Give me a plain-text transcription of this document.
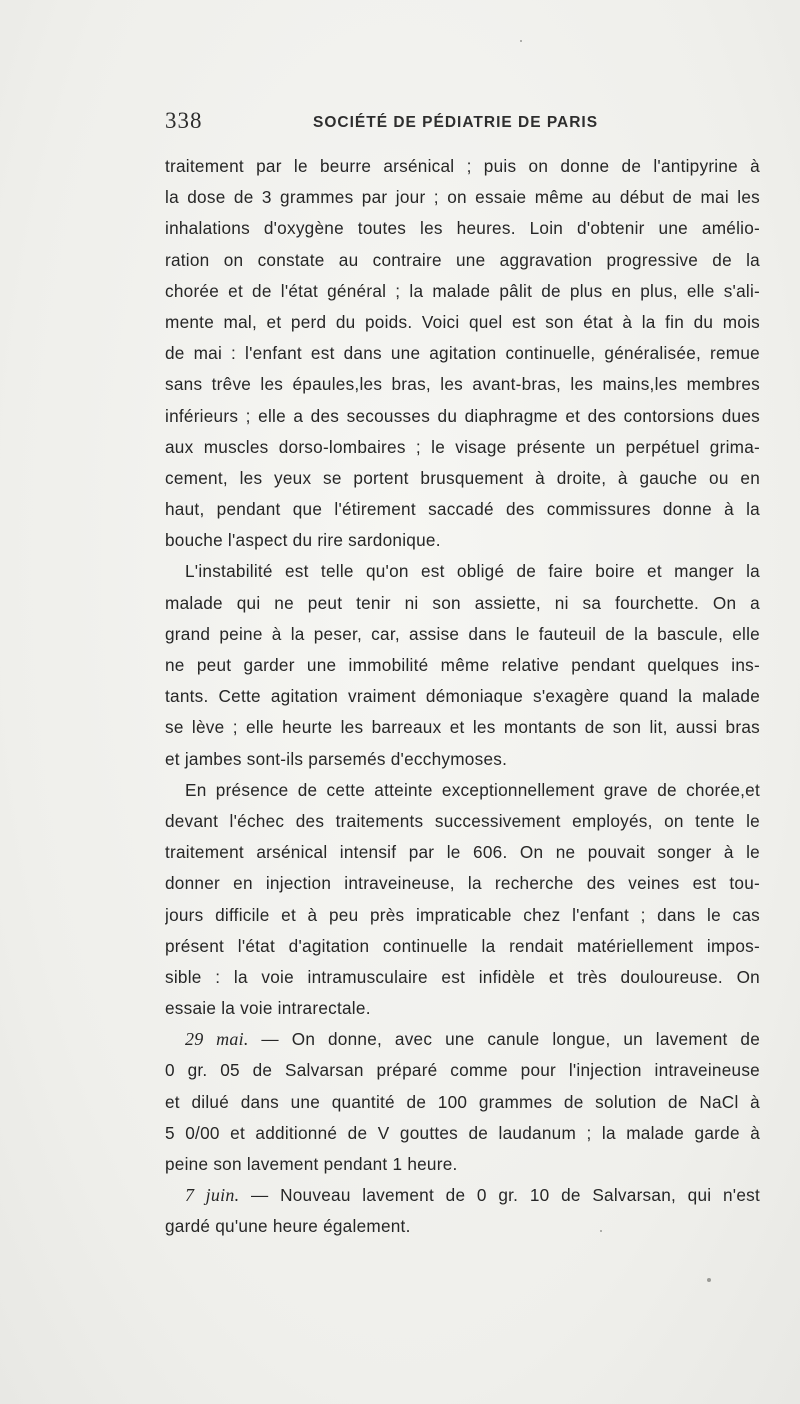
338	SOCIÉTÉ DE PÉDIATRIE DE PARIS
traitement par le beurre arsénical ; puis on donne de l'antipyrine à
la dose de 3 grammes par jour ; on essaie même au début de mai les
inhalations d'oxygène toutes les heures. Loin d'obtenir une amélio-
ration on constate au contraire une aggravation progressive de la
chorée et de l'état général ; la malade pâlit de plus en plus, elle s'ali-
mente mal, et perd du poids. Voici quel est son état à la fin du mois
de mai : l'enfant est dans une agitation continuelle, généralisée, remue
sans trêve les épaules,les bras, les avant-bras, les mains,les membres
inférieurs ; elle a des secousses du diaphragme et des contorsions dues
aux muscles dorso-lombaires ; le visage présente un perpétuel grima-
cement, les yeux se portent brusquement à droite, à gauche ou en
haut, pendant que l'étirement saccadé des commissures donne à la
bouche l'aspect du rire sardonique.
L'instabilité est telle qu'on est obligé de faire boire et manger la
malade qui ne peut tenir ni son assiette, ni sa fourchette. On a
grand peine à la peser, car, assise dans le fauteuil de la bascule, elle
ne peut garder une immobilité même relative pendant quelques ins-
tants. Cette agitation vraiment démoniaque s'exagère quand la malade
se lève ; elle heurte les barreaux et les montants de son lit, aussi bras
et jambes sont-ils parsemés d'ecchymoses.
En présence de cette atteinte exceptionnellement grave de chorée,et
devant l'échec des traitements successivement employés, on tente le
traitement arsénical intensif par le 606. On ne pouvait songer à le
donner en injection intraveineuse, la recherche des veines est tou-
jours difficile et à peu près impraticable chez l'enfant ; dans le cas
présent l'état d'agitation continuelle la rendait matériellement impos-
sible : la voie intramusculaire est infidèle et très douloureuse. On
essaie la voie intrarectale.
29 mai. — On donne, avec une canule longue, un lavement de
0 gr. 05 de Salvarsan préparé comme pour l'injection intraveineuse
et dilué dans une quantité de 100 grammes de solution de NaCl à
5 0/00 et additionné de V gouttes de laudanum ; la malade garde à
peine son lavement pendant 1 heure.
7 juin. — Nouveau lavement de 0 gr. 10 de Salvarsan, qui n'est
gardé qu'une heure également.
